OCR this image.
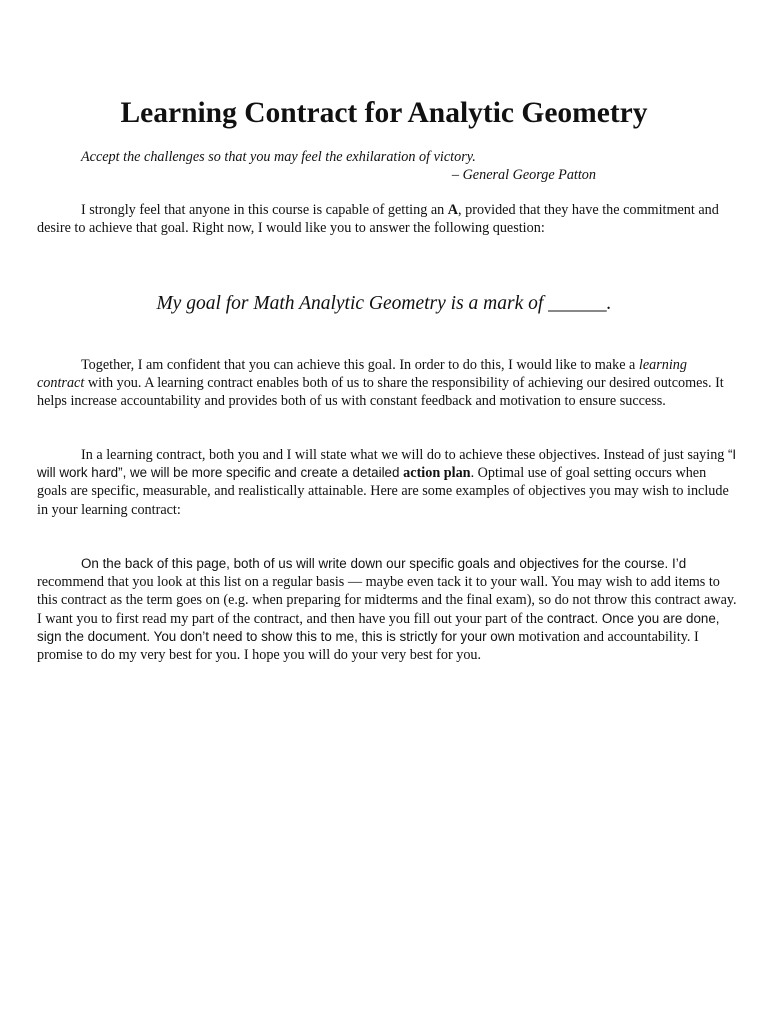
Learning Contract for Analytic Geometry
Accept the challenges so that you may feel the exhilaration of victory.
– General George Patton

I strongly feel that anyone in this course is capable of getting an A, provided that they have the commitment and desire to achieve that goal. Right now, I would like you to answer the following question:

My goal for Math Analytic Geometry is a mark of ______.

Together, I am confident that you can achieve this goal. In order to do this, I would like to make a learning contract with you. A learning contract enables both of us to share the responsibility of achieving our desired outcomes. It helps increase accountability and provides both of us with constant feedback and motivation to ensure success.

In a learning contract, both you and I will state what we will do to achieve these objectives. Instead of just saying “I will work hard”, we will be more specific and create a detailed action plan. Optimal use of goal setting occurs when goals are specific, measurable, and realistically attainable. Here are some examples of objectives you may wish to include in your learning contract:

On the back of this page, both of us will write down our specific goals and objectives for the course. I’d recommend that you look at this list on a regular basis — maybe even tack it to your wall. You may wish to add items to this contract as the term goes on (e.g. when preparing for midterms and the final exam), so do not throw this contract away. I want you to first read my part of the contract, and then have you fill out your part of the contract. Once you are done, sign the document. You don’t need to show this to me, this is strictly for your own motivation and accountability. I promise to do my very best for you. I hope you will do your very best for you.
